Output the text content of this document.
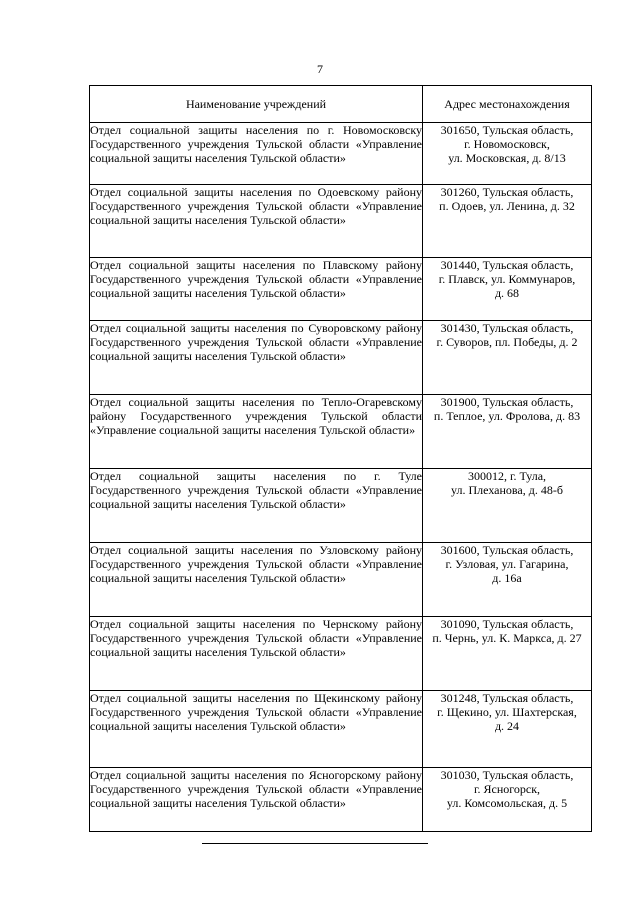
7
Наименование учреждений	Адрес местонахождения
Отдел социальной защиты населения по г. Новомосковску Государственного учреждения Тульской области «Управление социальной защиты населения Тульской области»	301650, Тульская область,
г. Новомосковск,
ул. Московская, д. 8/13

Отдел социальной защиты населения по Одоевскому району Государственного учреждения Тульской области «Управление социальной защиты населения Тульской области»	301260, Тульская область,
п. Одоев, ул. Ленина, д. 32

Отдел социальной защиты населения по Плавскому району Государственного учреждения Тульской области «Управление социальной защиты населения Тульской области»	301440, Тульская область,
г. Плавск, ул. Коммунаров,
д. 68

Отдел социальной защиты населения по Суворовскому району Государственного учреждения Тульской области «Управление социальной защиты населения Тульской области»	301430, Тульская область,
г. Суворов, пл. Победы, д. 2

Отдел социальной защиты населения по Тепло-Огаревскому району Государственного учреждения Тульской области «Управление социальной защиты населения Тульской области»	301900, Тульская область,
п. Теплое, ул. Фролова, д. 83

Отдел социальной защиты населения по г. Туле Государственного учреждения Тульской области «Управление социальной защиты населения Тульской области»	300012, г. Тула,
ул. Плеханова, д. 48-б

Отдел социальной защиты населения по Узловскому району Государственного учреждения Тульской области «Управление социальной защиты населения Тульской области»	301600, Тульская область,
г. Узловая, ул. Гагарина,
д. 16а

Отдел социальной защиты населения по Чернскому району Государственного учреждения Тульской области «Управление социальной защиты населения Тульской области»	301090, Тульская область,
п. Чернь, ул. К. Маркса, д. 27

Отдел социальной защиты населения по Щекинскому району Государственного учреждения Тульской области «Управление социальной защиты населения Тульской области»	301248, Тульская область,
г. Щекино, ул. Шахтерская,
д. 24

Отдел социальной защиты населения по Ясногорскому району Государственного учреждения Тульской области «Управление социальной защиты населения Тульской области»	301030, Тульская область,
г. Ясногорск,
ул. Комсомольская, д. 5
